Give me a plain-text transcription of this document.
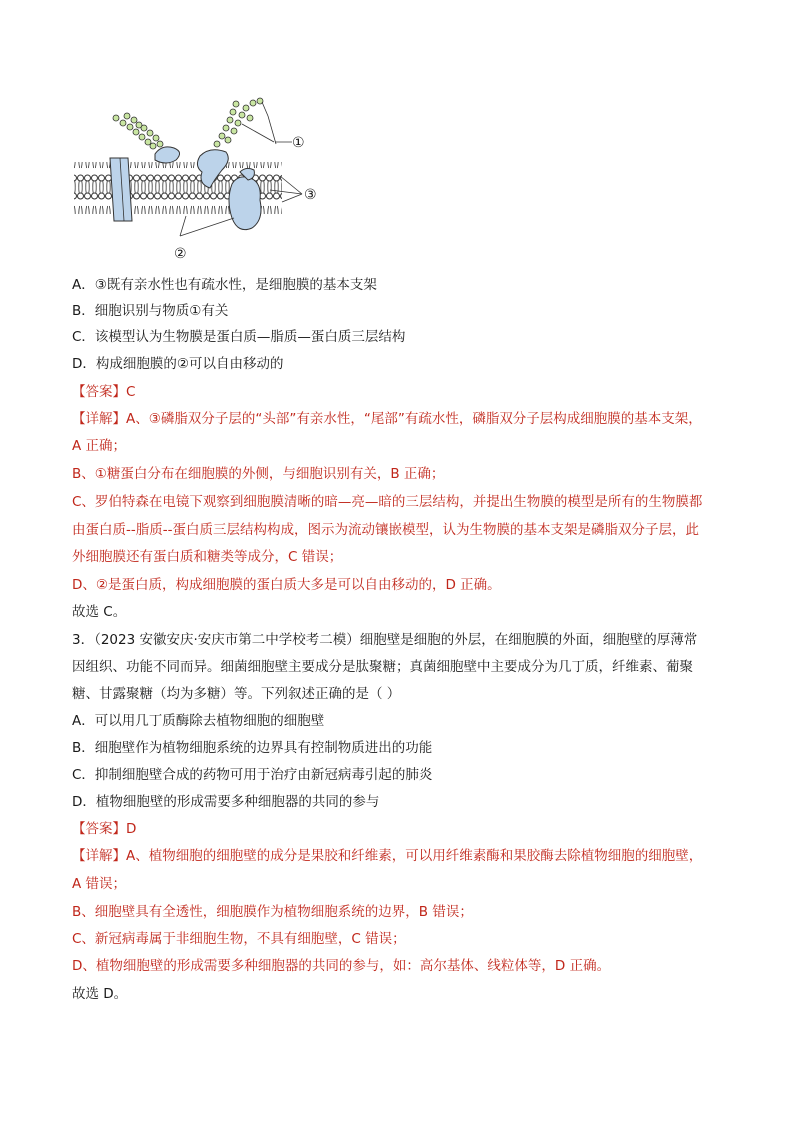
①
③
②
A．③既有亲水性也有疏水性，是细胞膜的基本支架
B．细胞识别与物质①有关
C．该模型认为生物膜是蛋白质—脂质—蛋白质三层结构
D．构成细胞膜的②可以自由移动的
【答案】C
【详解】A、③磷脂双分子层的“头部”有亲水性，“尾部”有疏水性，磷脂双分子层构成细胞膜的基本支架，
A 正确；
B、①糖蛋白分布在细胞膜的外侧，与细胞识别有关，B 正确；
C、罗伯特森在电镜下观察到细胞膜清晰的暗—亮—暗的三层结构，并提出生物膜的模型是所有的生物膜都
由蛋白质--脂质--蛋白质三层结构构成，图示为流动镶嵌模型，认为生物膜的基本支架是磷脂双分子层，此
外细胞膜还有蛋白质和糖类等成分，C 错误；
D、②是蛋白质，构成细胞膜的蛋白质大多是可以自由移动的，D 正确。
故选 C。
3．（2023 安徽安庆·安庆市第二中学校考二模）细胞壁是细胞的外层，在细胞膜的外面，细胞壁的厚薄常
因组织、功能不同而异。细菌细胞壁主要成分是肽聚糖；真菌细胞壁中主要成分为几丁质，纤维素、葡聚
糖、甘露聚糖（均为多糖）等。下列叙述正确的是（ ）
A．可以用几丁质酶除去植物细胞的细胞壁
B．细胞壁作为植物细胞系统的边界具有控制物质进出的功能
C．抑制细胞壁合成的药物可用于治疗由新冠病毒引起的肺炎
D．植物细胞壁的形成需要多种细胞器的共同的参与
【答案】D
【详解】A、植物细胞的细胞壁的成分是果胶和纤维素，可以用纤维素酶和果胶酶去除植物细胞的细胞壁，
A 错误；
B、细胞壁具有全透性，细胞膜作为植物细胞系统的边界，B 错误；
C、新冠病毒属于非细胞生物，不具有细胞壁，C 错误；
D、植物细胞壁的形成需要多种细胞器的共同的参与，如：高尔基体、线粒体等，D 正确。
故选 D。
